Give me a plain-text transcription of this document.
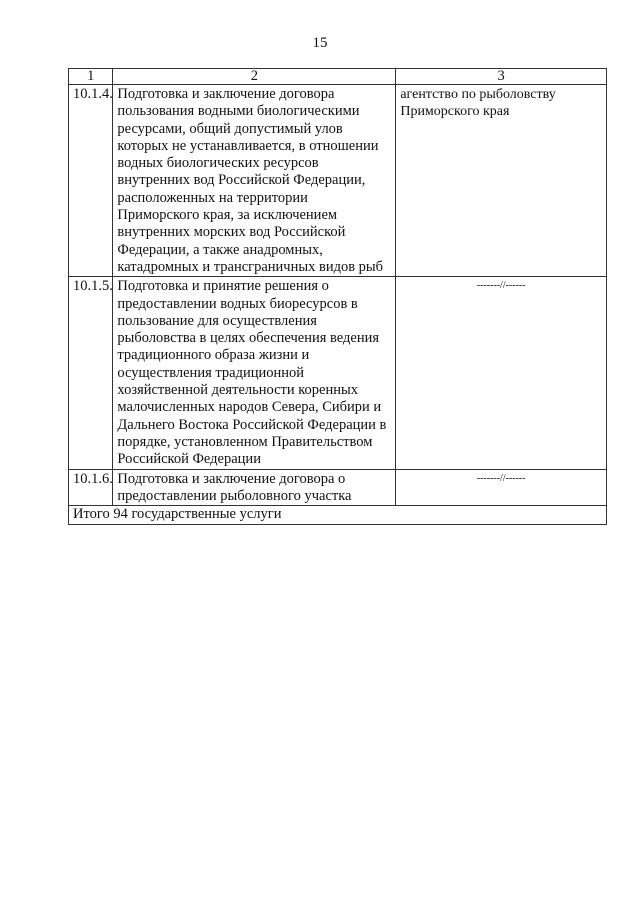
15
1	2	3
10.1.4.	Подготовка и заключение договора пользования водными биологическими ресурсами, общий допустимый улов которых не устанавливается, в отношении водных биологических ресурсов внутренних вод Российской Федерации, расположенных на территории Приморского края, за исключением внутренних морских вод Российской Федерации, а также анадромных, катадромных и трансграничных видов рыб	агентство по рыболовству Приморского края
10.1.5.	Подготовка и принятие решения о предоставлении водных биоресурсов в пользование для осуществления рыболовства в целях обеспечения ведения традиционного образа жизни и осуществления традиционной хозяйственной деятельности коренных малочисленных народов Севера, Сибири и Дальнего Востока Российской Федерации в порядке, установленном Правительством Российской Федерации	-------//------
10.1.6.	Подготовка и заключение договора о предоставлении рыболовного участка	-------//------
Итого 94 государственные услуги		
